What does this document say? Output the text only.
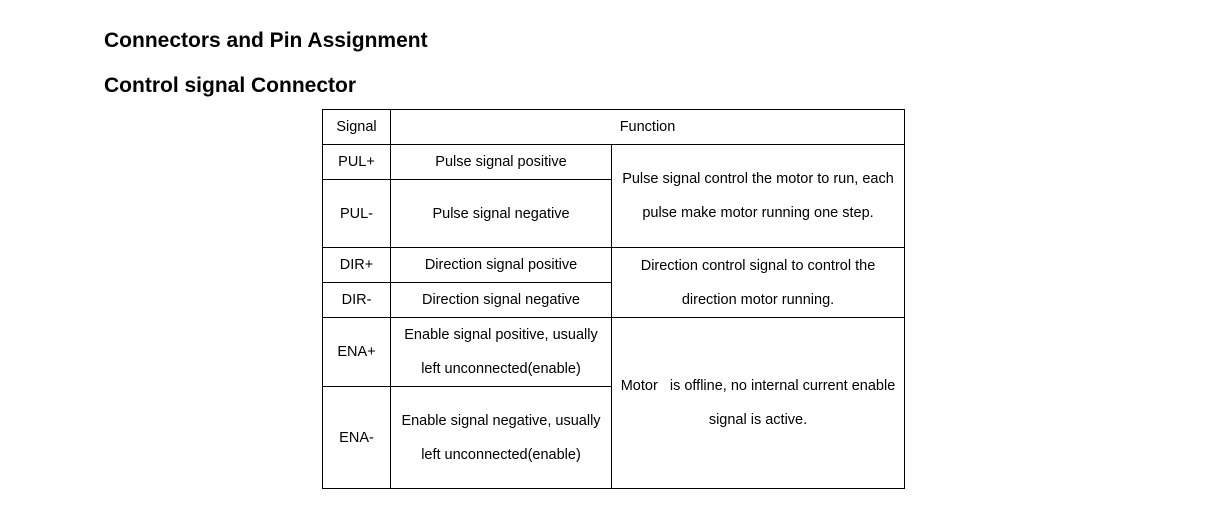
Connectors and Pin Assignment
Control signal Connector
Signal	Function	
PUL+	Pulse signal positive	Pulse signal control the motor to run, each pulse make motor running one step.
PUL-	Pulse signal negative	
DIR+	Direction signal positive	Direction control signal to control the direction motor running.
DIR-	Direction signal negative	
ENA+	Enable signal positive, usually left unconnected(enable)	Motor   is offline, no internal current enable signal is active.
ENA-	Enable signal negative, usually left unconnected(enable)	
